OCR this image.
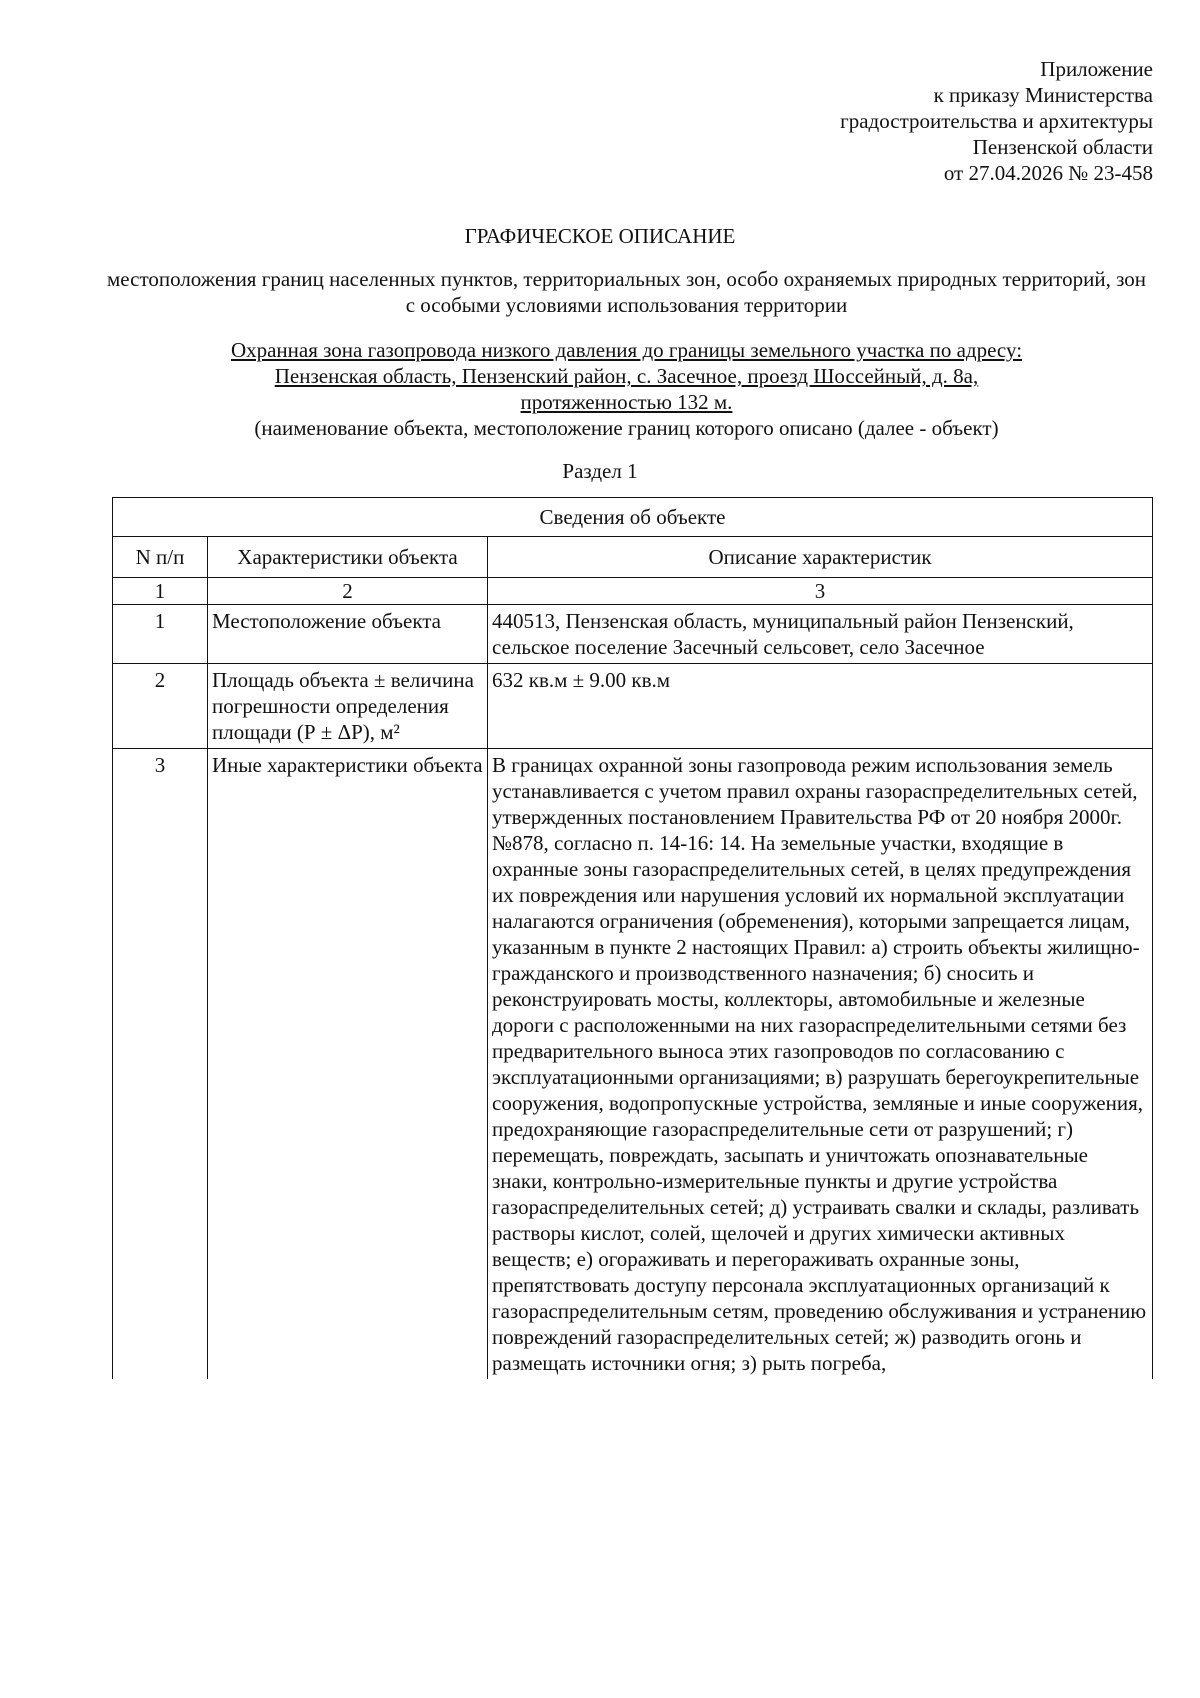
Приложение
к приказу Министерства
градостроительства и архитектуры
Пензенской области
от 27.04.2026 № 23-458
ГРАФИЧЕСКОЕ ОПИСАНИЕ
местоположения границ населенных пунктов, территориальных зон, особо охраняемых природных территорий, зон с особыми условиями использования территории
Охранная зона газопровода низкого давления до границы земельного участка по адресу:
Пензенская область, Пензенский район, с. Засечное, проезд Шоссейный, д. 8а,
протяженностью 132 м.
(наименование объекта, местоположение границ которого описано (далее - объект)
Раздел 1
Сведения об объекте		
N п/п	Характеристики объекта	Описание характеристик
1	2	3
1	Местоположение объекта	440513, Пензенская область, муниципальный район Пензенский, сельское поселение Засечный сельсовет, село Засечное
2	Площадь объекта ± величина погрешности определения площади (Р ± ΔР), м²	632 кв.м ± 9.00 кв.м
3	Иные характеристики объекта	В границах охранной зоны газопровода режим использования земель устанавливается с учетом правил охраны газораспределительных сетей, утвержденных постановлением Правительства РФ от 20 ноября 2000г. №878, согласно п. 14-16: 14. На земельные участки, входящие в охранные зоны газораспределительных сетей, в целях предупреждения их повреждения или нарушения условий их нормальной эксплуатации налагаются ограничения (обременения), которыми запрещается лицам, указанным в пункте 2 настоящих Правил: а) строить объекты жилищно-гражданского и производственного назначения; б) сносить и реконструировать мосты, коллекторы, автомобильные и железные дороги с расположенными на них газораспределительными сетями без предварительного выноса этих газопроводов по согласованию с эксплуатационными организациями; в) разрушать берегоукрепительные сооружения, водопропускные устройства, земляные и иные сооружения, предохраняющие газораспределительные сети от разрушений; г) перемещать, повреждать, засыпать и уничтожать опознавательные знаки, контрольно-измерительные пункты и другие устройства газораспределительных сетей; д) устраивать свалки и склады, разливать растворы кислот, солей, щелочей и других химически активных веществ; е) огораживать и перегораживать охранные зоны, препятствовать доступу персонала эксплуатационных организаций к газораспределительным сетям, проведению обслуживания и устранению повреждений газораспределительных сетей; ж) разводить огонь и размещать источники огня; з) рыть погреба,
